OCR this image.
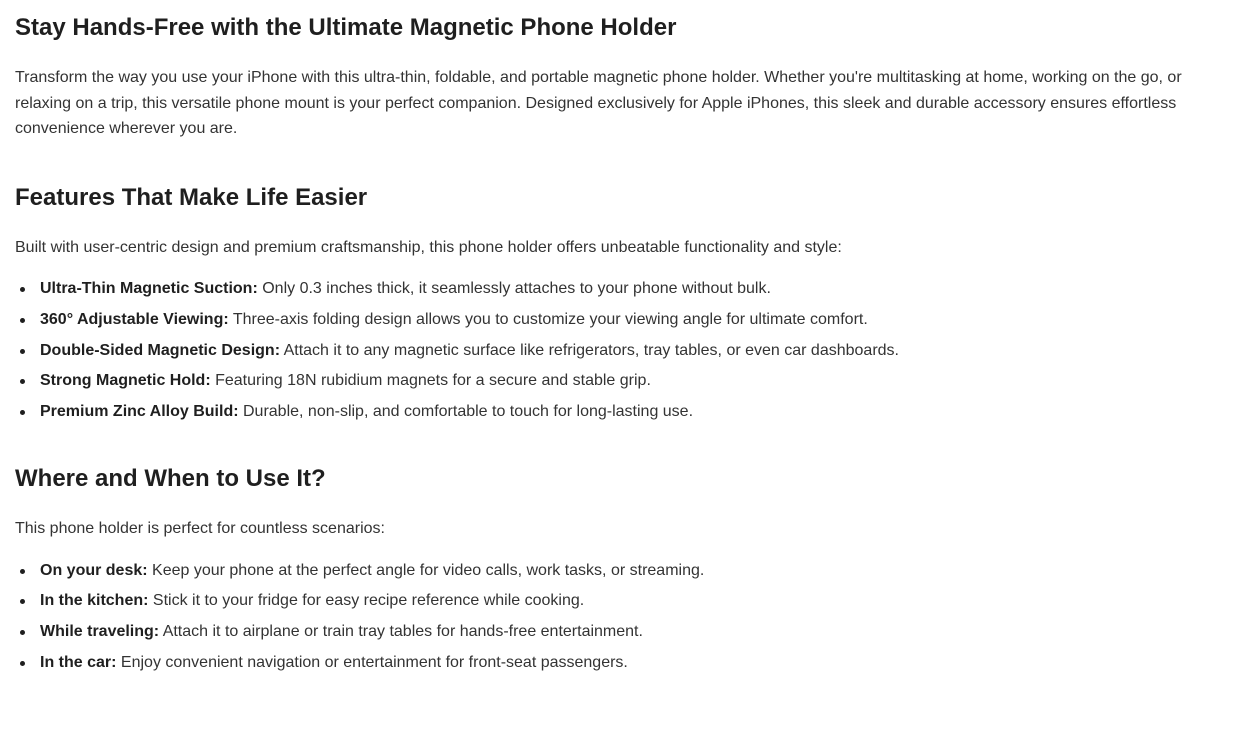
Stay Hands-Free with the Ultimate Magnetic Phone Holder

Transform the way you use your iPhone with this ultra-thin, foldable, and portable magnetic phone holder. Whether you're multitasking at home, working on the go, or relaxing on a trip, this versatile phone mount is your perfect companion. Designed exclusively for Apple iPhones, this sleek and durable accessory ensures effortless convenience wherever you are.

Features That Make Life Easier

Built with user-centric design and premium craftsmanship, this phone holder offers unbeatable functionality and style:

Ultra-Thin Magnetic Suction: Only 0.3 inches thick, it seamlessly attaches to your phone without bulk.
360° Adjustable Viewing: Three-axis folding design allows you to customize your viewing angle for ultimate comfort.
Double-Sided Magnetic Design: Attach it to any magnetic surface like refrigerators, tray tables, or even car dashboards.
Strong Magnetic Hold: Featuring 18N rubidium magnets for a secure and stable grip.
Premium Zinc Alloy Build: Durable, non-slip, and comfortable to touch for long-lasting use.
Where and When to Use It?

This phone holder is perfect for countless scenarios:

On your desk: Keep your phone at the perfect angle for video calls, work tasks, or streaming.
In the kitchen: Stick it to your fridge for easy recipe reference while cooking.
While traveling: Attach it to airplane or train tray tables for hands-free entertainment.
In the car: Enjoy convenient navigation or entertainment for front-seat passengers.
